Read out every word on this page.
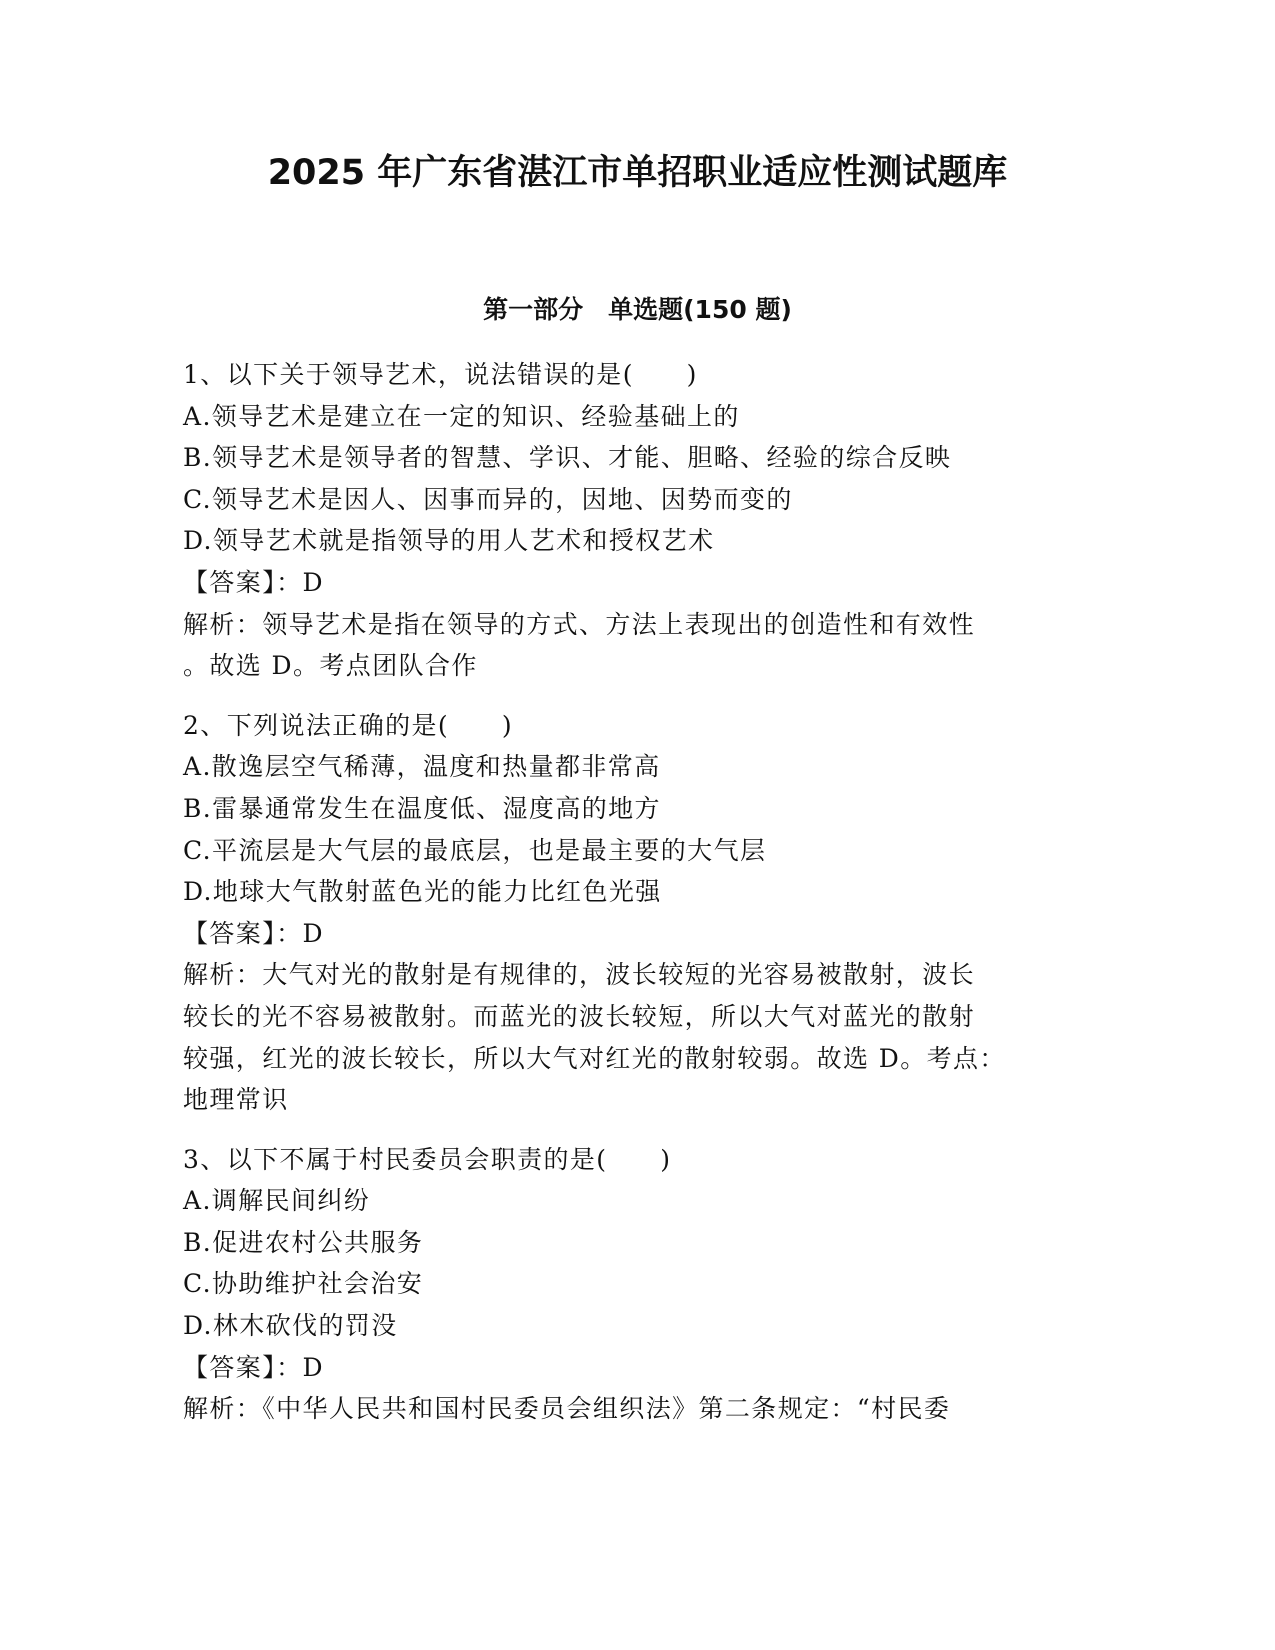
2025 年广东省湛江市单招职业适应性测试题库
第一部分　单选题(150 题)
1、以下关于领导艺术，说法错误的是(　　)
A.领导艺术是建立在一定的知识、经验基础上的
B.领导艺术是领导者的智慧、学识、才能、胆略、经验的综合反映
C.领导艺术是因人、因事而异的，因地、因势而变的
D.领导艺术就是指领导的用人艺术和授权艺术
【答案】：D
解析：领导艺术是指在领导的方式、方法上表现出的创造性和有效性
。故选 D。考点团队合作
2、下列说法正确的是(　　)
A.散逸层空气稀薄，温度和热量都非常高
B.雷暴通常发生在温度低、湿度高的地方
C.平流层是大气层的最底层，也是最主要的大气层
D.地球大气散射蓝色光的能力比红色光强
【答案】：D
解析：大气对光的散射是有规律的，波长较短的光容易被散射，波长
较长的光不容易被散射。而蓝光的波长较短，所以大气对蓝光的散射
较强，红光的波长较长，所以大气对红光的散射较弱。故选 D。考点：
地理常识
3、以下不属于村民委员会职责的是(　　)
A.调解民间纠纷
B.促进农村公共服务
C.协助维护社会治安
D.林木砍伐的罚没
【答案】：D
解析：《中华人民共和国村民委员会组织法》第二条规定：“村民委
